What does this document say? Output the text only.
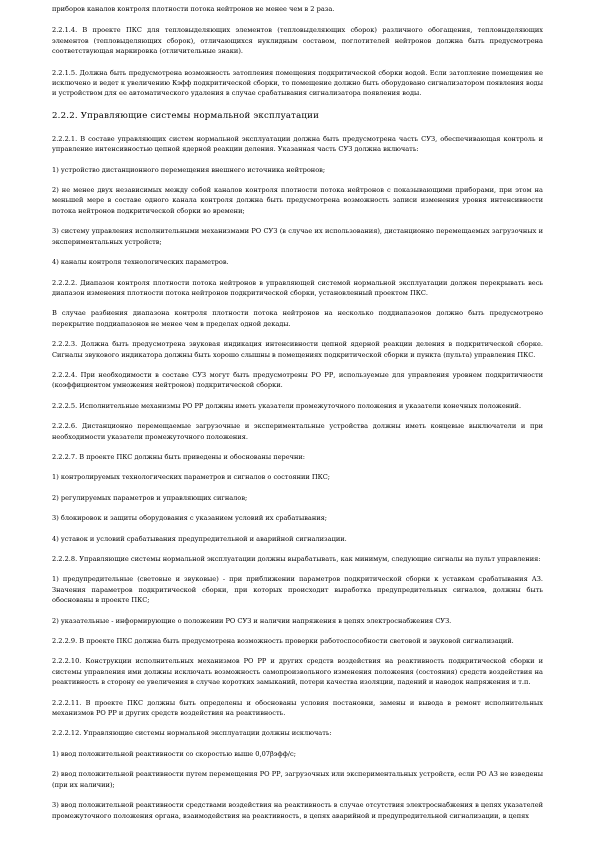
приборов каналов контроля плотности потока нейтронов не менее чем в 2 раза.

2.2.1.4. В проекте ПКС для тепловыделяющих элементов (тепловыделяющих сборок) различного обогащения, тепловыделяющих элементов (тепловыделяющих сборок), отличающихся нуклидным составом, поглотителей нейтронов должна быть предусмотрена соответствующая маркировка (отличительные знаки).

2.2.1.5. Должна быть предусмотрена возможность затопления помещения подкритической сборки водой. Если затопление помещения не исключено и ведет к увеличению Кэфф подкритической сборки, то помещение должно быть оборудовано сигнализатором появления воды и устройством для ее автоматического удаления в случае срабатывания сигнализатора появления воды.

2.2.2. Управляющие системы нормальной эксплуатации

2.2.2.1. В составе управляющих систем нормальной эксплуатации должна быть предусмотрена часть СУЗ, обеспечивающая контроль и управление интенсивностью цепной ядерной реакции деления. Указанная часть СУЗ должна включать:

1) устройство дистанционного перемещения внешнего источника нейтронов;

2) не менее двух независимых между собой каналов контроля плотности потока нейтронов с показывающими приборами, при этом на меньшей мере в составе одного канала контроля должна быть предусмотрена возможность записи изменения уровня интенсивности потока нейтронов подкритической сборки во времени;

3) систему управления исполнительными механизмами РО СУЗ (в случае их использования), дистанционно перемещаемых загрузочных и экспериментальных устройств;

4) каналы контроля технологических параметров.

2.2.2.2. Диапазон контроля плотности потока нейтронов в управляющей системой нормальной эксплуатации должен перекрывать весь диапазон изменения плотности потока нейтронов подкритической сборки, установленный проектом ПКС.

В случае разбиения диапазона контроля плотности потока нейтронов на несколько поддиапазонов должно быть предусмотрено перекрытие поддиапазонов не менее чем в пределах одной декады.

2.2.2.3. Должна быть предусмотрена звуковая индикация интенсивности цепной ядерной реакции деления в подкритической сборке. Сигналы звукового индикатора должны быть хорошо слышны в помещениях подкритической сборки и пункта (пульта) управления ПКС.

2.2.2.4. При необходимости в составе СУЗ могут быть предусмотрены РО РР, используемые для управления уровнем подкритичности (коэффициентом умножения нейтронов) подкритической сборки.

2.2.2.5. Исполнительные механизмы РО РР должны иметь указатели промежуточного положения и указатели конечных положений.

2.2.2.6. Дистанционно перемещаемые загрузочные и экспериментальные устройства должны иметь концевые выключатели и при необходимости указатели промежуточного положения.

2.2.2.7. В проекте ПКС должны быть приведены и обоснованы перечни:

1) контролируемых технологических параметров и сигналов о состоянии ПКС;

2) регулируемых параметров и управляющих сигналов;

3) блокировок и защиты оборудования с указанием условий их срабатывания;

4) уставок и условий срабатывания предупредительной и аварийной сигнализации.

2.2.2.8. Управляющие системы нормальной эксплуатации должны вырабатывать, как минимум, следующие сигналы на пульт управления:

1) предупредительные (световые и звуковые) - при приближении параметров подкритической сборки к уставкам срабатывания АЗ. Значения параметров подкритической сборки, при которых происходит выработка предупредительных сигналов, должны быть обоснованы в проекте ПКС;

2) указательные - информирующие о положении РО СУЗ и наличии напряжения в цепях электроснабжения СУЗ.

2.2.2.9. В проекте ПКС должна быть предусмотрена возможность проверки работоспособности световой и звуковой сигнализаций.

2.2.2.10. Конструкции исполнительных механизмов РО РР и других средств воздействия на реактивность подкритической сборки и системы управления ими должны исключать возможность самопроизвольного изменения положения (состояния) средств воздействия на реактивность в сторону ее увеличения в случае коротких замыканий, потери качества изоляции, падений и наводок напряжения и т.п.

2.2.2.11. В проекте ПКС должны быть определены и обоснованы условия постановки, замены и вывода в ремонт исполнительных механизмов РО РР и других средств воздействия на реактивность.

2.2.2.12. Управляющие системы нормальной эксплуатации должны исключать:

1) ввод положительной реактивности со скоростью выше 0,07βэфф/с;

2) ввод положительной реактивности путем перемещения РО РР, загрузочных или экспериментальных устройств, если РО АЗ не взведены (при их наличии);

3) ввод положительной реактивности средствами воздействия на реактивность в случае отсутствия электроснабжения в цепях указателей промежуточного положения органа, взаимодействия на реактивность, в цепях аварийной и предупредительной сигнализации, в цепях
